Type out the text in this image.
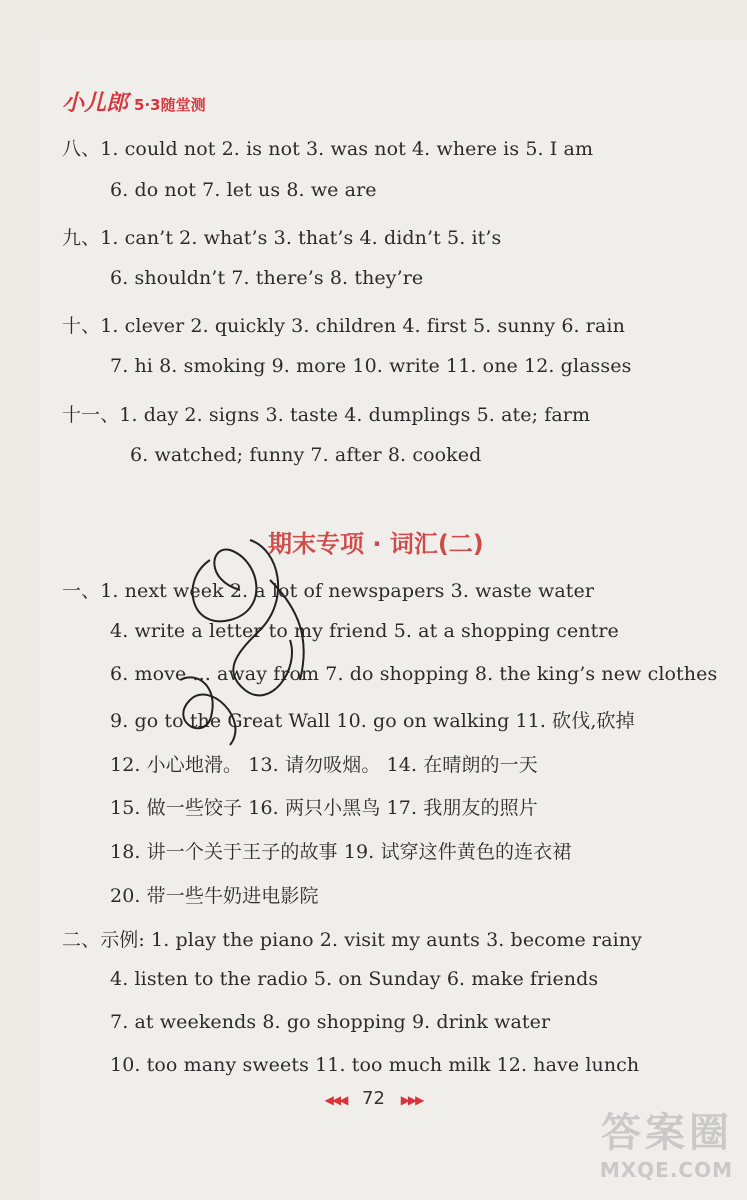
小儿郎 5·3随堂测
八、1. could not 2. is not 3. was not 4. where is 5. I am
6. do not 7. let us 8. we are
九、1. can’t 2. what’s 3. that’s 4. didn’t 5. it’s
6. shouldn’t 7. there’s 8. they’re
十、1. clever 2. quickly 3. children 4. first 5. sunny 6. rain
7. hi 8. smoking 9. more 10. write 11. one 12. glasses
十一、1. day 2. signs 3. taste 4. dumplings 5. ate; farm
6. watched; funny 7. after 8. cooked
期末专项 · 词汇(二)
一、1. next week 2. a lot of newspapers 3. waste water
4. write a letter to my friend 5. at a shopping centre
6. move ... away from 7. do shopping 8. the king’s new clothes
9. go to the Great Wall 10. go on walking 11. 砍伐,砍掉
12. 小心地滑。 13. 请勿吸烟。 14. 在晴朗的一天
15. 做一些饺子 16. 两只小黑鸟 17. 我朋友的照片
18. 讲一个关于王子的故事 19. 试穿这件黄色的连衣裙
20. 带一些牛奶进电影院
二、示例: 1. play the piano 2. visit my aunts 3. become rainy
4. listen to the radio 5. on Sunday 6. make friends
7. at weekends 8. go shopping 9. drink water
10. too many sweets 11. too much milk 12. have lunch
◀◀◀ 72 ▶▶▶
答案圈
MXQE.COM
